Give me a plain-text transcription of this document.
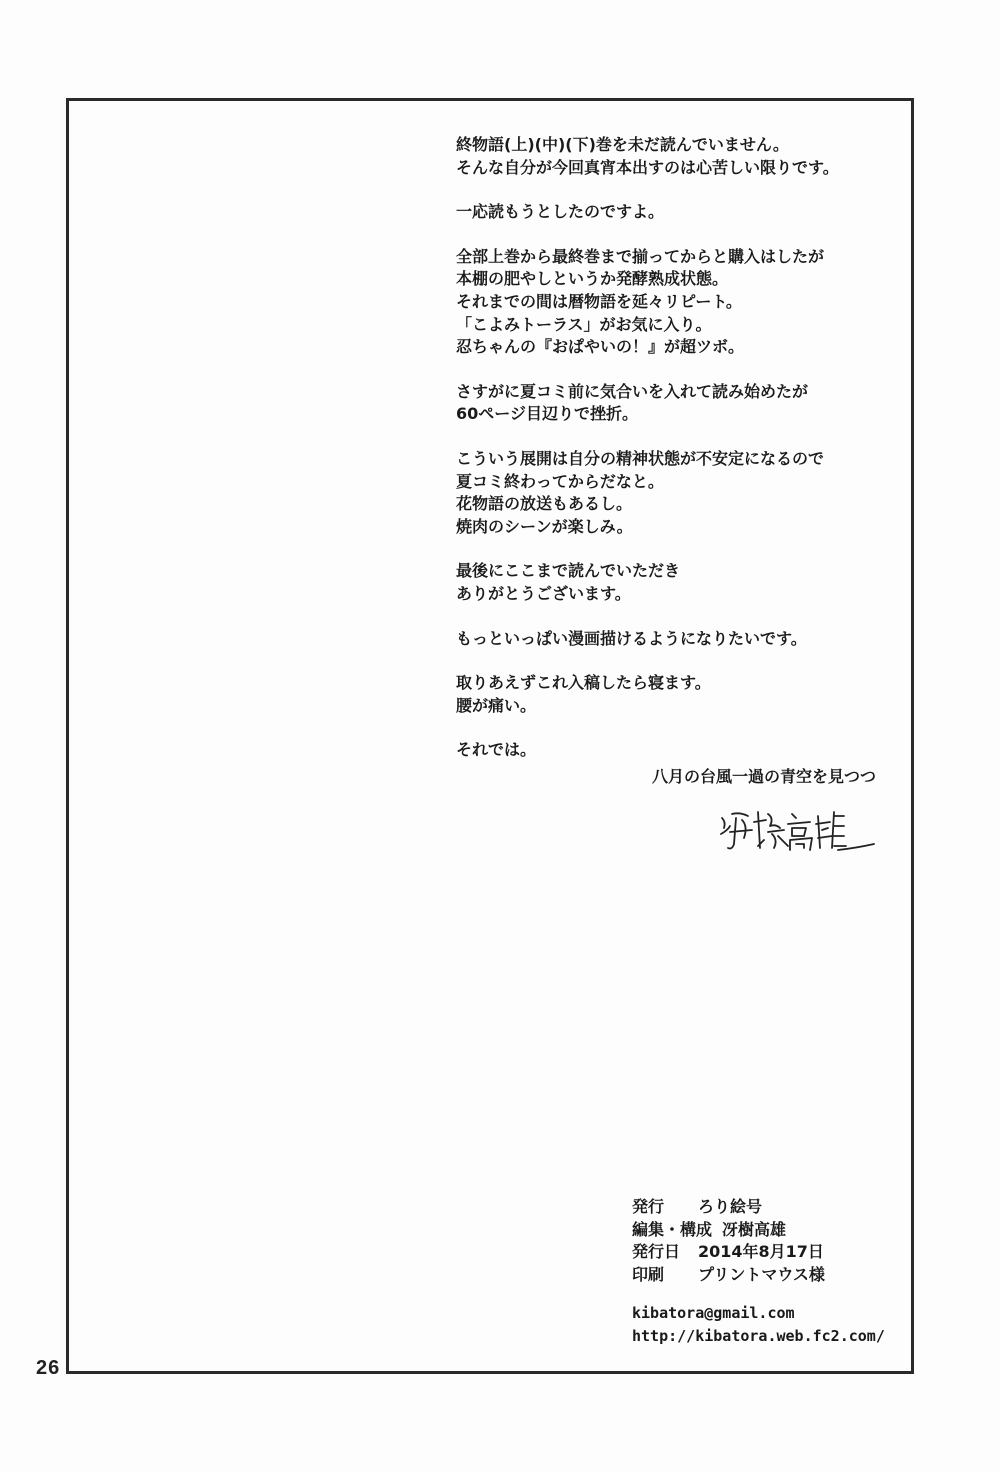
26
終物語(上)(中)(下)巻を未だ読んでいません。
そんな自分が今回真宵本出すのは心苦しい限りです。
一応読もうとしたのですよ。
全部上巻から最終巻まで揃ってからと購入はしたが
本棚の肥やしというか発酵熟成状態。
それまでの間は暦物語を延々リピート。
「こよみトーラス」がお気に入り。
忍ちゃんの『おぱやいの！』が超ツボ。
さすがに夏コミ前に気合いを入れて読み始めたが
60ページ目辺りで挫折。
こういう展開は自分の精神状態が不安定になるので
夏コミ終わってからだなと。
花物語の放送もあるし。
焼肉のシーンが楽しみ。
最後にここまで読んでいただき
ありがとうございます。
もっといっぱい漫画描けるようになりたいです。
取りあえずこれ入稿したら寝ます。
腰が痛い。
それでは。
八月の台風一過の青空を見つつ
発行	ろり絵号
編集・構成 冴樹高雄
発行日	2014年8月17日
印刷	プリントマウス様
kibatora@gmail.com
http://kibatora.web.fc2.com/
